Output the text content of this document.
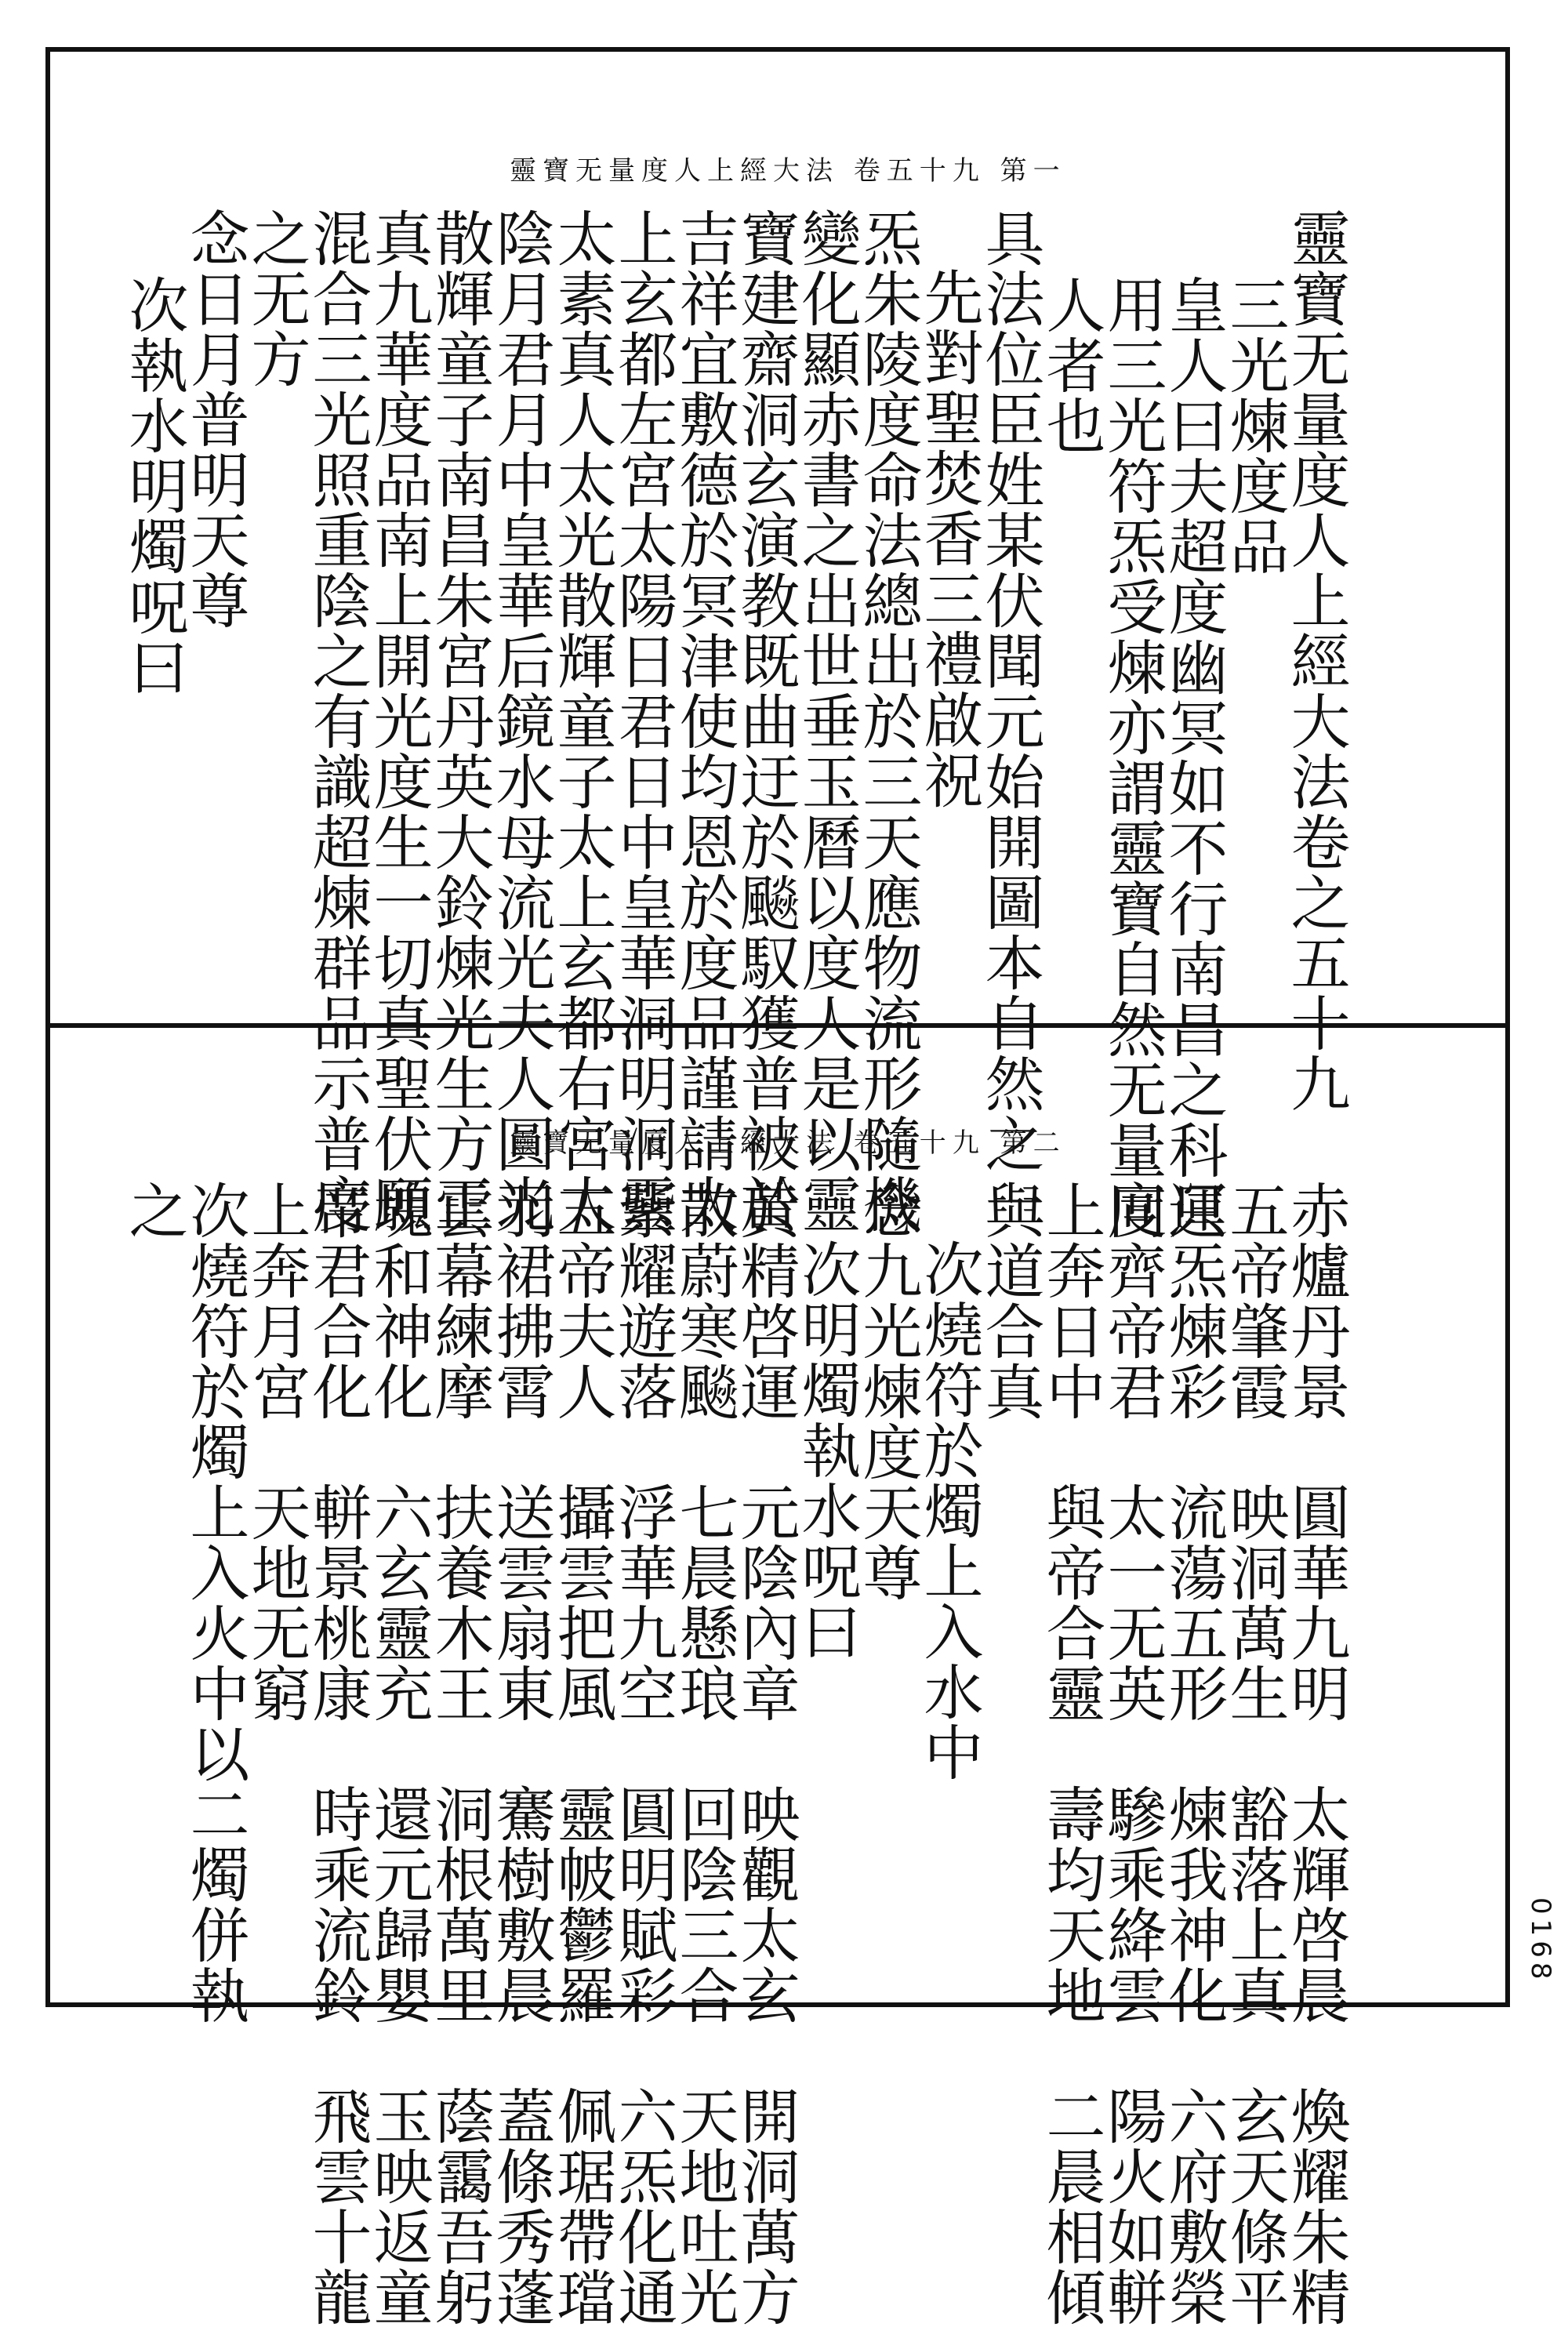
靈寶无量度人上經大法 卷五十九 第一
靈寶无量度人上經大法卷之五十九
三光煉度品
皇人曰夫超度幽冥如不行南昌之科只
用三光符炁受煉亦謂靈寶自然无量度
人者也
具法位臣姓某伏聞元始開圖本自然之一
先對聖焚香三禮啟祝
炁朱陵度命法總出於三天應物流形隨機
變化顯赤書之出世垂玉曆以度人是以靈
寶建齋洞玄演教既曲迂於飈馭獲普被於
吉祥宜敷德於冥津使均恩於度品謹請太
上玄都左宮太陽日君日中皇華洞明洞靈
太素真人太光散輝童子太上玄都右宮太
陰月君月中皇華后鏡水母流光夫人圓光
散輝童子南昌朱宮丹英大鈴煉光生方正
真九華度品南上開光度生一切真聖伏願
混合三光照重陰之有識超煉群品示普度
之无方
念日月普明天尊
次執水明燭呪曰
靈寶无量度人上經大法 卷五十九 第二
赤爐丹景　圓華九明　太輝啓晨　煥耀朱精
五帝肇霞　映洞萬生　豁落上真　玄天條平
運炁煉彩　流蕩五形　煉我神化　六府敷榮
同齊帝君　太一无英　驂乘絳雲　陽火如軿
上奔日中　與帝合靈　壽均天地　二晨相傾
與道合真
次燒符於燭上入水中
念九光煉度天尊
次明燭執水呪曰
黃精啓運　元陰內章　映觀太玄　開洞萬方
散蔚寒飈　七晨懸琅　回陰三合　天地吐光
紫耀遊落　浮華九空　圓明賦彩　六炁化通
五帝夫人　攝雲把風　靈帔鬱羅　佩琚帶璫
羽裙拂霄　送雲扇東　騫樹敷晨　蓋條秀蓬
雲幕練摩　扶養木王　洞根萬里　蔭靄吾躬
塊和神化　六玄靈充　還元歸嬰　玉映返童
帝君合化　軿景桃康　時乘流鈴　飛雲十龍
上奔月宮　天地无窮
次燒符於燭上入火中以二燭併執
之
0168
